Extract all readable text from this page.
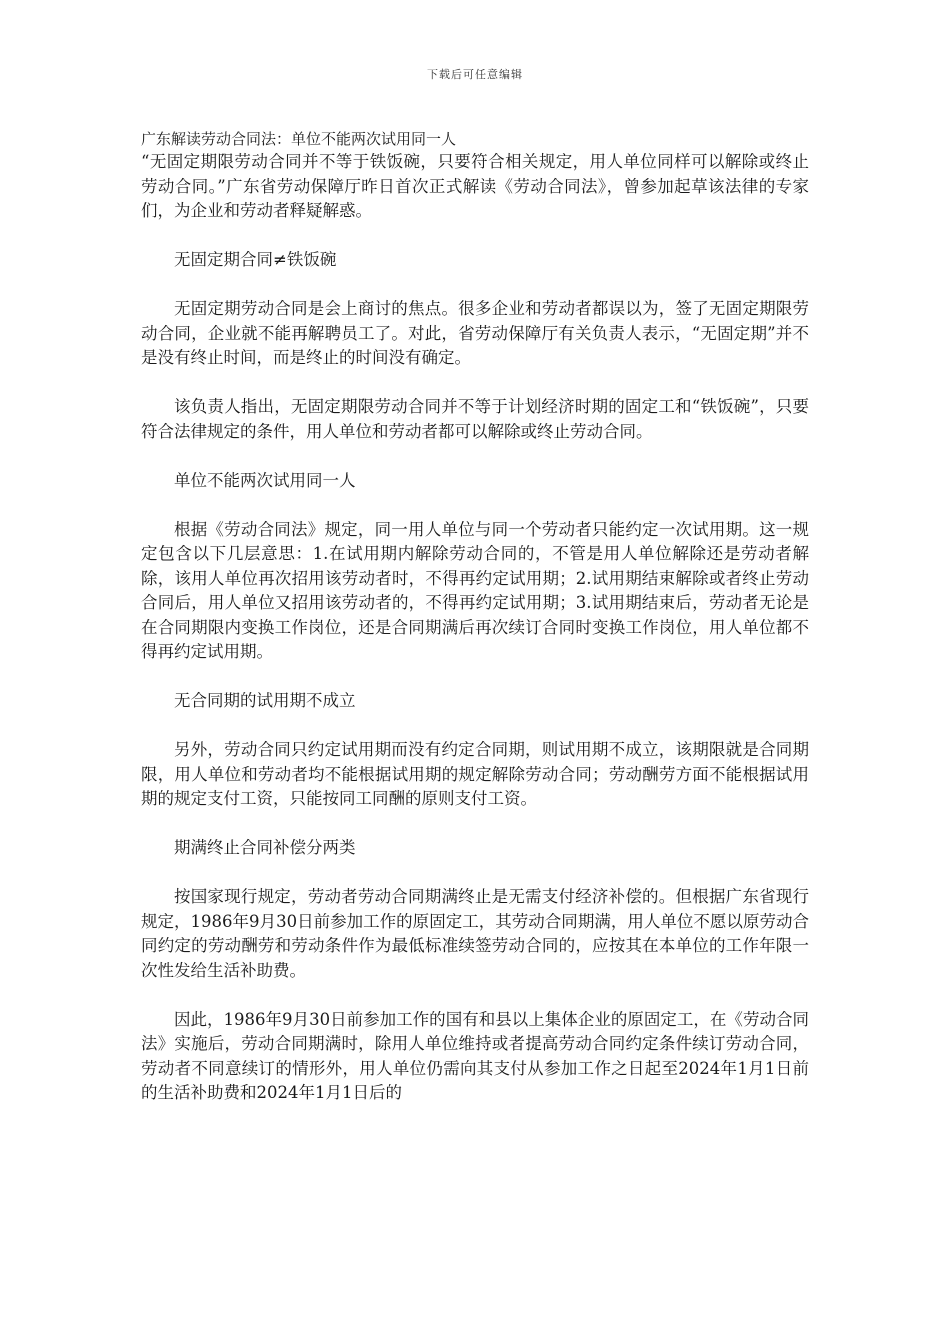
下载后可任意编辑

广东解读劳动合同法：单位不能两次试用同一人

“无固定期限劳动合同并不等于铁饭碗，只要符合相关规定，用人单位同样可以解除或终止劳动合同。”广东省劳动保障厅昨日首次正式解读《劳动合同法》，曾参加起草该法律的专家们，为企业和劳动者释疑解惑。

无固定期合同≠铁饭碗

无固定期劳动合同是会上商讨的焦点。很多企业和劳动者都误以为，签了无固定期限劳动合同，企业就不能再解聘员工了。对此，省劳动保障厅有关负责人表示，“无固定期”并不是没有终止时间，而是终止的时间没有确定。

该负责人指出，无固定期限劳动合同并不等于计划经济时期的固定工和“铁饭碗”，只要符合法律规定的条件，用人单位和劳动者都可以解除或终止劳动合同。

单位不能两次试用同一人

根据《劳动合同法》规定，同一用人单位与同一个劳动者只能约定一次试用期。这一规定包含以下几层意思：1.在试用期内解除劳动合同的，不管是用人单位解除还是劳动者解除，该用人单位再次招用该劳动者时，不得再约定试用期；2.试用期结束解除或者终止劳动合同后，用人单位又招用该劳动者的，不得再约定试用期；3.试用期结束后，劳动者无论是在合同期限内变换工作岗位，还是合同期满后再次续订合同时变换工作岗位，用人单位都不得再约定试用期。

无合同期的试用期不成立

另外，劳动合同只约定试用期而没有约定合同期，则试用期不成立，该期限就是合同期限，用人单位和劳动者均不能根据试用期的规定解除劳动合同；劳动酬劳方面不能根据试用期的规定支付工资，只能按同工同酬的原则支付工资。

期满终止合同补偿分两类

按国家现行规定，劳动者劳动合同期满终止是无需支付经济补偿的。但根据广东省现行规定，1986年9月30日前参加工作的原固定工，其劳动合同期满，用人单位不愿以原劳动合同约定的劳动酬劳和劳动条件作为最低标准续签劳动合同的，应按其在本单位的工作年限一次性发给生活补助费。

因此，1986年9月30日前参加工作的国有和县以上集体企业的原固定工，在《劳动合同法》实施后，劳动合同期满时，除用人单位维持或者提高劳动合同约定条件续订劳动合同，劳动者不同意续订的情形外，用人单位仍需向其支付从参加工作之日起至2024年1月1日前的生活补助费和2024年1月1日后的
